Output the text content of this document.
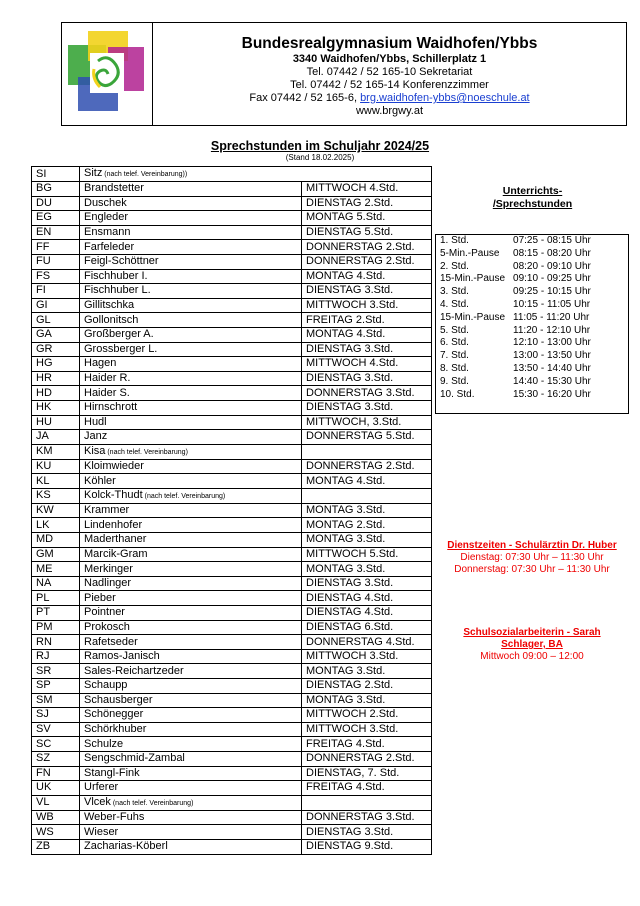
Bundesrealgymnasium Waidhofen/Ybbs
3340 Waidhofen/Ybbs, Schillerplatz 1
Tel. 07442 / 52 165-10 Sekretariat
Tel. 07442 / 52 165-14 Konferenzzimmer
Fax 07442 / 52 165-6, brg.waidhofen-ybbs@noeschule.at
www.brgwy.at
Sprechstunden im Schuljahr 2024/25
(Stand 18.02.2025)
SI	Sitz (nach telef. Vereinbarung))	
BG	Brandstetter	MITTWOCH 4.Std.
DU	Duschek	DIENSTAG 2.Std.
EG	Engleder	MONTAG 5.Std.
EN	Ensmann	DIENSTAG 5.Std.
FF	Farfeleder	DONNERSTAG 2.Std.
FU	Feigl-Schöttner	DONNERSTAG 2.Std.
FS	Fischhuber I.	MONTAG 4.Std.
FI	Fischhuber L.	DIENSTAG 3.Std.
GI	Gillitschka	MITTWOCH 3.Std.
GL	Gollonitsch	FREITAG 2.Std.
GA	Großberger A.	MONTAG 4.Std.
GR	Grossberger L.	DIENSTAG 3.Std.
HG	Hagen	MITTWOCH 4.Std.
HR	Haider R.	DIENSTAG 3.Std.
HD	Haider S.	DONNERSTAG 3.Std.
HK	Hirnschrott	DIENSTAG 3.Std.
HU	Hudl	MITTWOCH, 3.Std.
JA	Janz	DONNERSTAG 5.Std.
KM	Kisa (nach telef. Vereinbarung)	
KU	Kloimwieder	DONNERSTAG 2.Std.
KL	Köhler	MONTAG 4.Std.
KS	Kolck-Thudt (nach telef. Vereinbarung)	
KW	Krammer	MONTAG 3.Std.
LK	Lindenhofer	MONTAG 2.Std.
MD	Maderthaner	MONTAG 3.Std.
GM	Marcik-Gram	MITTWOCH 5.Std.
ME	Merkinger	MONTAG 3.Std.
NA	Nadlinger	DIENSTAG 3.Std.
PL	Pieber	DIENSTAG 4.Std.
PT	Pointner	DIENSTAG 4.Std.
PM	Prokosch	DIENSTAG 6.Std.
RN	Rafetseder	DONNERSTAG 4.Std.
RJ	Ramos-Janisch	MITTWOCH 3.Std.
SR	Sales-Reichartzeder	MONTAG 3.Std.
SP	Schaupp	DIENSTAG 2.Std.
SM	Schausberger	MONTAG 3.Std.
SJ	Schönegger	MITTWOCH 2.Std.
SV	Schörkhuber	MITTWOCH 3.Std.
SC	Schulze	FREITAG 4.Std.
SZ	Sengschmid-Zambal	DONNERSTAG 2.Std.
FN	Stangl-Fink	DIENSTAG, 7. Std.
UK	Urferer	FREITAG 4.Std.
VL	Vlcek (nach telef. Vereinbarung)	
WB	Weber-Fuhs	DONNERSTAG 3.Std.
WS	Wieser	DIENSTAG 3.Std.
ZB	Zacharias-Köberl	DIENSTAG 9.Std.
Unterrichts-
/Sprechstunden
1. Std.	07:25 - 08:15 Uhr
5-Min.-Pause	08:15 - 08:20 Uhr
2. Std.	08:20 - 09:10 Uhr
15-Min.-Pause	09:10 - 09:25 Uhr
3. Std.	09:25 - 10:15 Uhr
4. Std.	10:15 - 11:05 Uhr
15-Min.-Pause	11:05 - 11:20 Uhr
5. Std.	11:20 - 12:10 Uhr
6. Std.	12:10 - 13:00 Uhr
7. Std.	13:00 - 13:50 Uhr
8. Std.	13:50 - 14:40 Uhr
9. Std.	14:40 - 15:30 Uhr
10. Std.	15:30 - 16:20 Uhr

Dienstzeiten - Schulärztin Dr. Huber
Dienstag: 07:30 Uhr – 11:30 Uhr
Donnerstag: 07:30 Uhr – 11:30 Uhr
Schulsozialarbeiterin - Sarah
Schlager, BA
Mittwoch 09:00 – 12:00
